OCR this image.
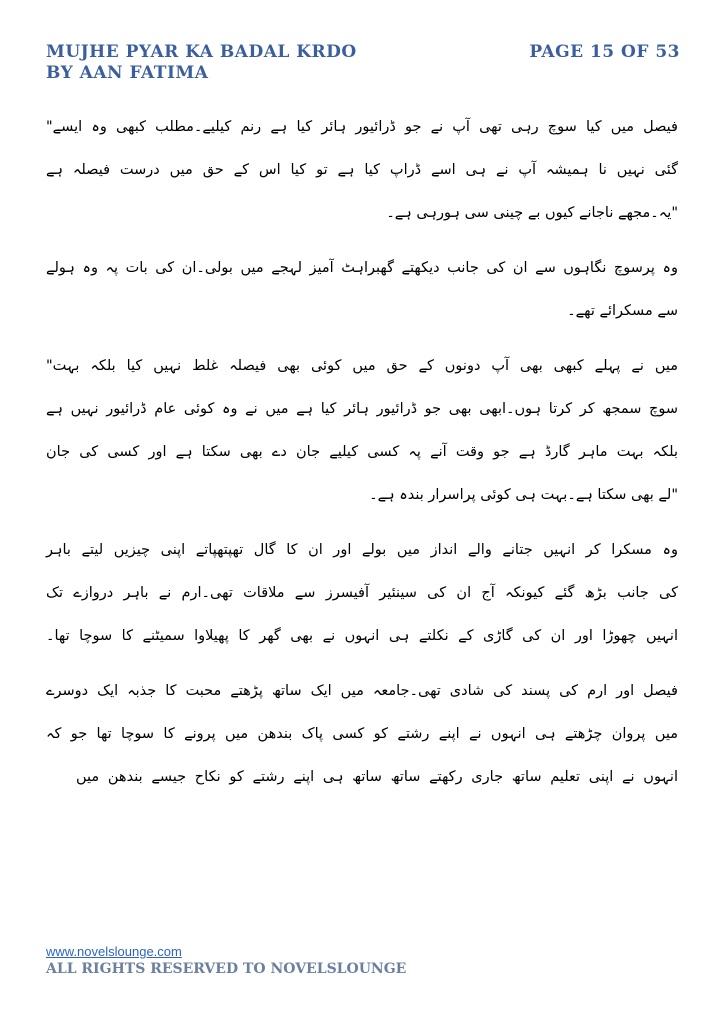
MUJHE PYAR KA BADAL KRDO	PAGE 15 OF 53
BY AAN FATIMA
فیصل میں کیا سوچ رہی تھی آپ نے جو ڈرائیور ہائر کیا ہے رنم کیلیے۔مطلب کبھی وہ ایسے"
گئی نہیں نا ہمیشہ آپ نے ہی اسے ڈراپ کیا ہے تو کیا اس کے حق میں درست فیصلہ ہے
"یہ۔مجھے ناجانے کیوں بے چینی سی ہورہی ہے۔
وہ پرسوچ نگاہوں سے ان کی جانب دیکھتے گھبراہٹ آمیز لہجے میں بولی۔ان کی بات پہ وہ ہولے
سے مسکرائے تھے۔
میں نے پہلے کبھی بھی آپ دونوں کے حق میں کوئی بھی فیصلہ غلط نہیں کیا بلکہ بہت"
سوچ سمجھ کر کرتا ہوں۔ابھی بھی جو ڈرائیور ہائر کیا ہے میں نے وہ کوئی عام ڈرائیور نہیں ہے
بلکہ بہت ماہر گارڈ ہے جو وقت آنے پہ کسی کیلیے جان دے بھی سکتا ہے اور کسی کی جان
"لے بھی سکتا ہے۔بہت ہی کوئی پراسرار بندہ ہے۔
وہ مسکرا کر انہیں جتانے والے انداز میں بولے اور ان کا گال تھپتھپاتے اپنی چیزیں لیتے باہر
کی جانب بڑھ گئے کیونکہ آج ان کی سینئیر آفیسرز سے ملاقات تھی۔ارم نے باہر دروازے تک
انہیں چھوڑا اور ان کی گاڑی کے نکلتے ہی انہوں نے بھی گھر کا پھیلاوا سمیٹنے کا سوچا تھا۔
فیصل اور ارم کی پسند کی شادی تھی۔جامعہ میں ایک ساتھ پڑھتے محبت کا جذبہ ایک دوسرے
میں پروان چڑھتے ہی انہوں نے اپنے رشتے کو کسی پاک بندھن میں پرونے کا سوچا تھا جو کہ
انہوں نے اپنی تعلیم ساتھ جاری رکھتے ساتھ ساتھ ہی اپنے رشتے کو نکاح جیسے بندھن میں
www.novelslounge.com
ALL RIGHTS RESERVED TO NOVELSLOUNGE
